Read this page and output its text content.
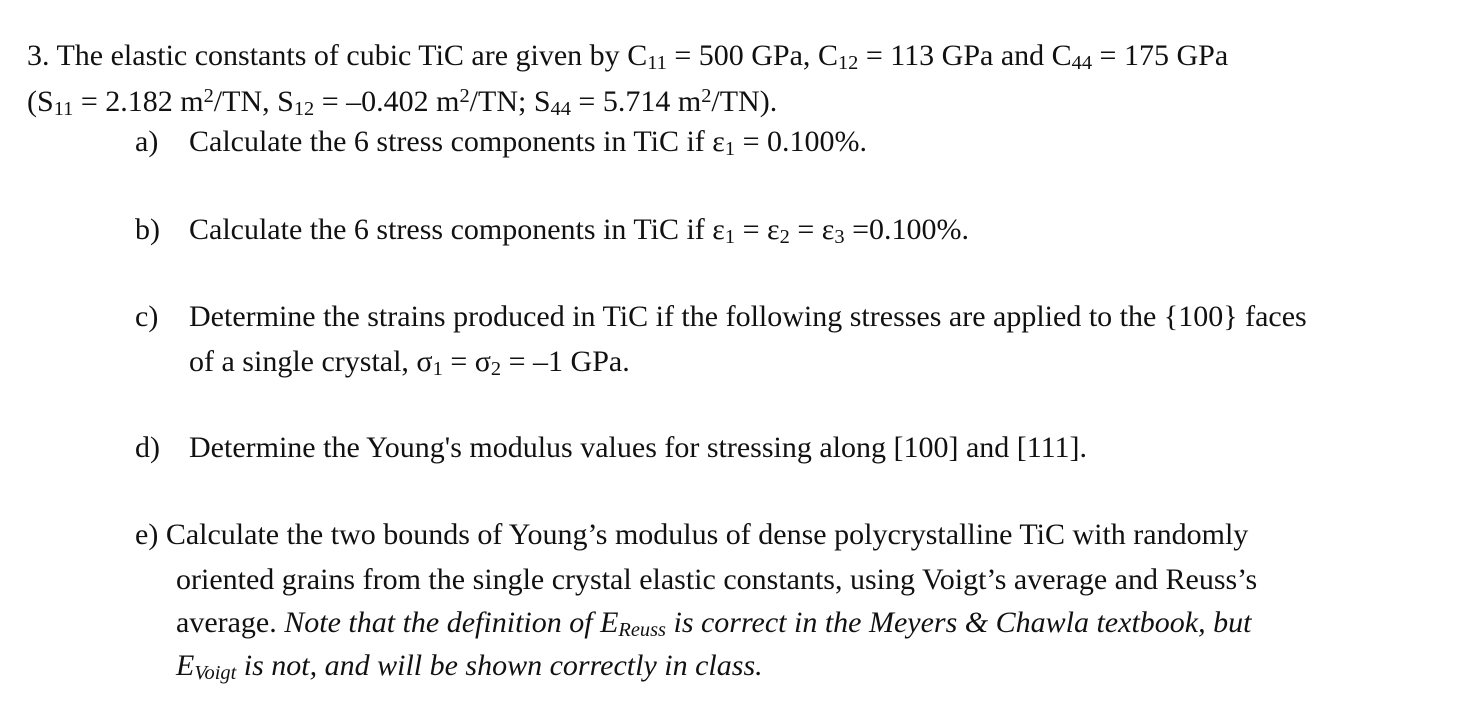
3. The elastic constants of cubic TiC are given by $C_{11} = 500$ GPa, $C_{12} = 113$ GPa and $C_{44} = 175$ GPa
($S_{11} = 2.182$ $m^2/TN$, $S_{12} = -0.402$ $m^2/TN$; $S_{44} = 5.714$ $m^2/TN$).
a) Calculate the 6 stress components in TiC if $\varepsilon_1 = 0.100\%$.
b) Calculate the 6 stress components in TiC if $\varepsilon_1 = \varepsilon_2 = \varepsilon_3 =0.100\%$.
c) Determine the strains produced in TiC if the following stresses are applied to the {100} faces
of a single crystal, $\sigma_1 = \sigma_2 = -1$ GPa.
d) Determine the Young's modulus values for stressing along [100] and [111].
e) Calculate the two bounds of Young’s modulus of dense polycrystalline TiC with randomly
oriented grains from the single crystal elastic constants, using Voigt’s average and Reuss’s
average. Note that the definition of $E_{Reuss}$ is correct in the Meyers & Chawla textbook, but
$E_{Voigt}$ is not, and will be shown correctly in class.
